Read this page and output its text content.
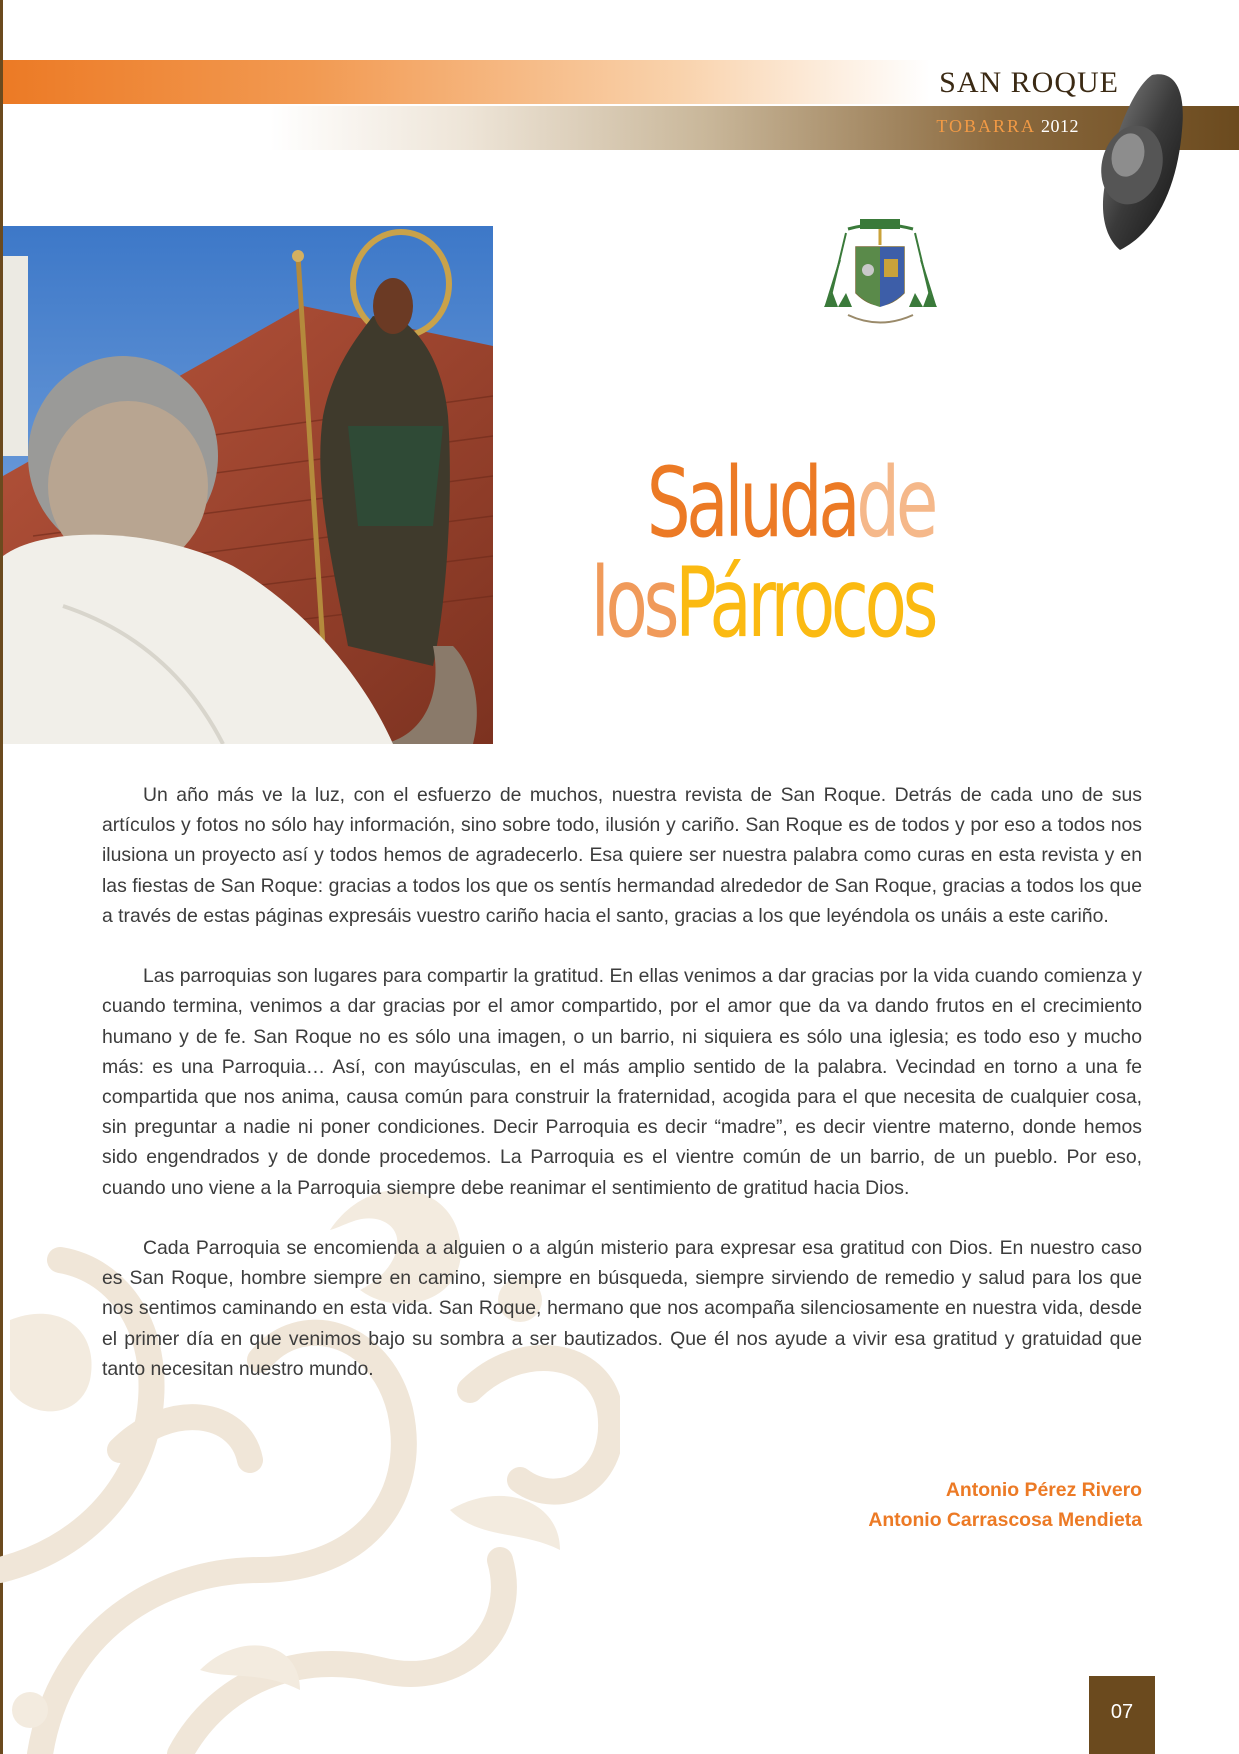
SAN ROQUE
TOBARRA 2012
Saludade
losPárrocos

Un año más ve la luz, con el esfuerzo de muchos, nuestra revista de San Roque. Detrás de cada uno de sus artículos y fotos no sólo hay información, sino sobre todo, ilusión y cariño. San Roque es de todos y por eso a todos nos ilusiona un proyecto así y todos hemos de agradecerlo. Esa quiere ser nuestra palabra como curas en esta revista y en las fiestas de San Roque: gracias a todos los que os sentís hermandad alrededor de San Roque, gracias a todos los que a través de estas páginas expresáis vuestro cariño hacia el santo, gracias a los que leyéndola os unáis a este cariño.

Las parroquias son lugares para compartir la gratitud. En ellas venimos a dar gracias por la vida cuando comienza y cuando termina, venimos a dar gracias por el amor compartido, por el amor que da va dando frutos en el crecimiento humano y de fe. San Roque no es sólo una imagen, o un barrio, ni siquiera es sólo una iglesia; es todo eso y mucho más: es una Parroquia… Así, con mayúsculas, en el más amplio sentido de la palabra. Vecindad en torno a una fe compartida que nos anima, causa común para construir la fraternidad, acogida para el que necesita de cualquier cosa, sin preguntar a nadie ni poner condiciones. Decir Parroquia es decir “madre”, es decir vientre materno, donde hemos sido engendrados y de donde procedemos. La Parroquia es el vientre común de un barrio, de un pueblo. Por eso, cuando uno viene a la Parroquia siempre debe reanimar el sentimiento de gratitud hacia Dios.

Cada Parroquia se encomienda a alguien o a algún misterio para expresar esa gratitud con Dios. En nuestro caso es San Roque, hombre siempre en camino, siempre en búsqueda, siempre sirviendo de remedio y salud para los que nos sentimos caminando en esta vida. San Roque, hermano que nos acompaña silenciosamente en nuestra vida, desde el primer día en que venimos bajo su sombra a ser bautizados. Que él nos ayude a vivir esa gratitud y gratuidad que tanto necesitan nuestro mundo.

Antonio Pérez Rivero
Antonio Carrascosa Mendieta
07
